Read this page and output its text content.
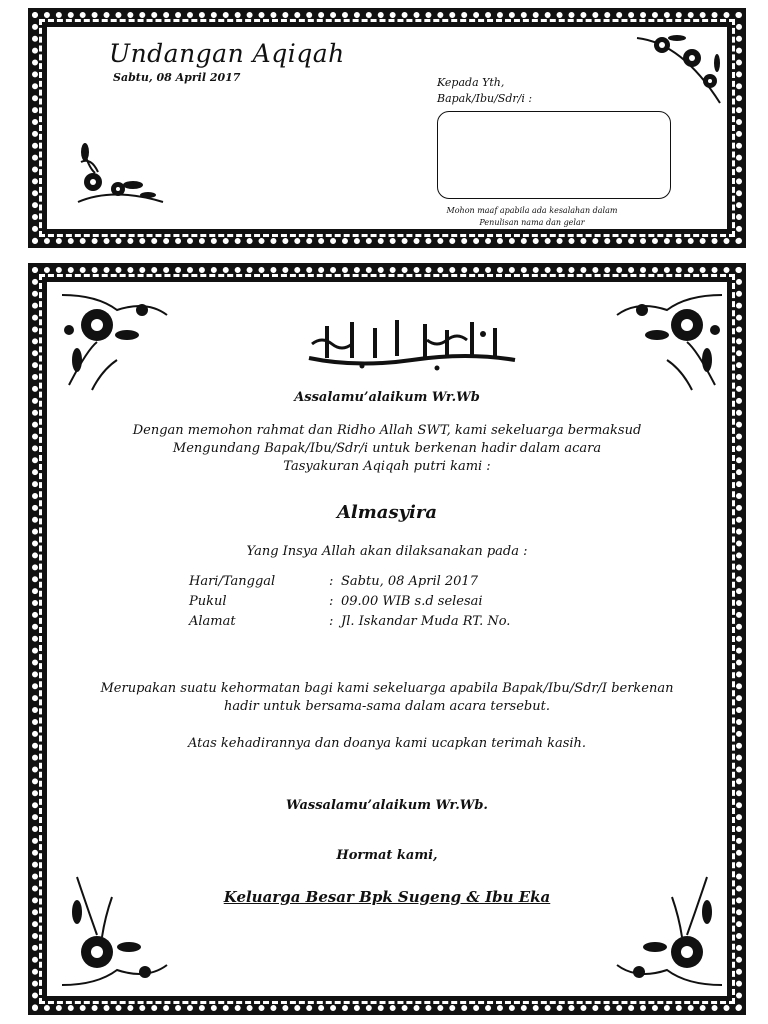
Undangan Aqiqah
Sabtu, 08 April 2017	Kepada Yth,
Bapak/Ibu/Sdr/i :
Mohon maaf apabila ada kesalahan dalam
Penulisan nama dan gelar
Assalamu’alaikum Wr.Wb
Dengan memohon rahmat dan Ridho Allah SWT, kami sekeluarga bermaksud
Mengundang Bapak/Ibu/Sdr/i untuk berkenan hadir dalam acara
Tasyakuran Aqiqah putri kami :
Almasyira
Yang Insya Allah akan dilaksanakan pada :
Hari/Tanggal	: Sabtu, 08 April 2017
Pukul	: 09.00 WIB s.d selesai
Alamat	: Jl. Iskandar Muda RT. No.
Merupakan suatu kehormatan bagi kami sekeluarga apabila Bapak/Ibu/Sdr/I berkenan
hadir untuk bersama-sama dalam acara tersebut.
Atas kehadirannya dan doanya kami ucapkan terimah kasih.
Wassalamu’alaikum Wr.Wb.
Hormat kami,
Keluarga Besar Bpk Sugeng & Ibu Eka
